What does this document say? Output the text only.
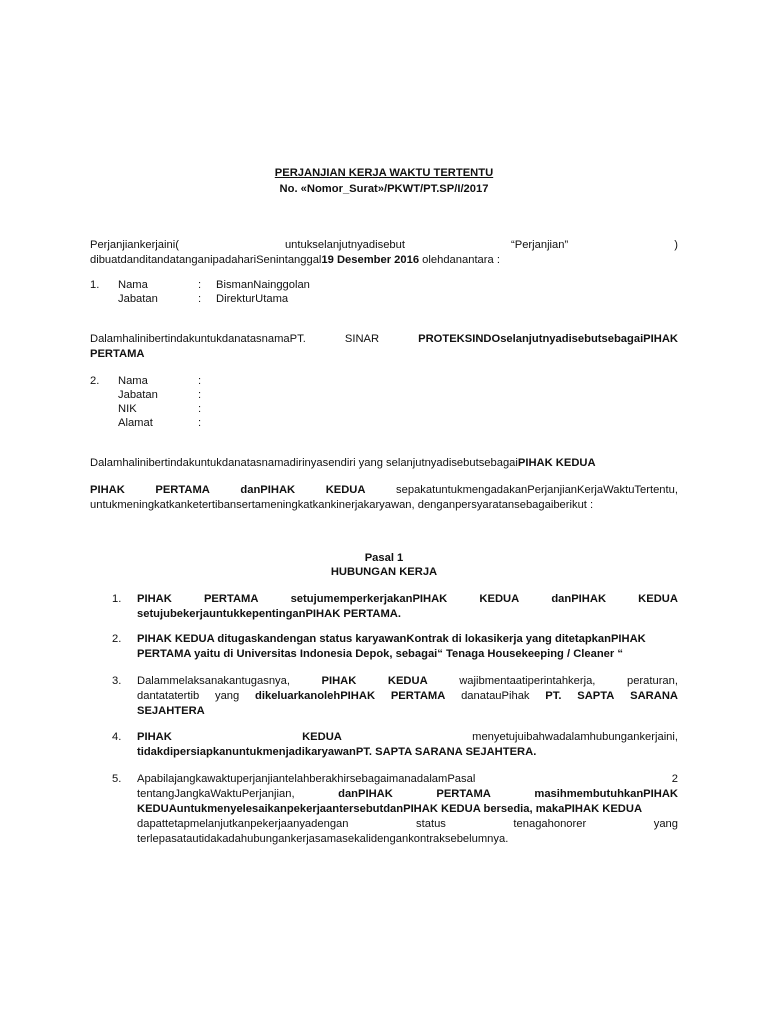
PERJANJIAN KERJA WAKTU TERTENTU
No. «Nomor_Surat»/PKWT/PT.SP/I/2017
Perjanjiankerjaini(	untukselanjutnyadisebut	“Perjanjian”	)
dibuatdanditandatanganipadahariSenintanggal19 Desember 2016 olehdanantara :
1. Nama	: BismanNainggolan
Jabatan	: DirekturUtama
DalamhalinibertindakuntukdanatasnamaPT.	SINAR	PROTEKSINDOselanjutnyadisebutsebagaiPIHAK
PERTAMA
2. Nama	:
Jabatan	:
NIK	:
Alamat	:
Dalamhalinibertindakuntukdanatasnamadirinyasendiri yang selanjutnyadisebutsebagaiPIHAK KEDUA
PIHAK	PERTAMA	danPIHAK	KEDUA	sepakatuntukmengadakanPerjanjianKerjaWaktuTertentu,
untukmeningkatkanketertibansertameningkatkankinerjakaryawan, denganpersyaratansebagaiberikut :
Pasal 1
HUBUNGAN KERJA
1.	PIHAK	PERTAMA	setujumemperkerjakanPIHAK	KEDUA	danPIHAK	KEDUA
setujubekerjauntukkepentinganPIHAK PERTAMA.
2.	PIHAK KEDUA ditugaskandengan status karyawanKontrak di lokasikerja yang ditetapkanPIHAK
PERTAMA yaitu di Universitas Indonesia Depok, sebagai“ Tenaga Housekeeping / Cleaner “
3.	Dalammelaksanakantugasnya,	PIHAK	KEDUA	wajibmentaatiperintahkerja,	peraturan,
dantatatertib yang dikeluarkanolehPIHAK PERTAMA danatauPihak PT. SAPTA SARANA
SEJAHTERA
4.	PIHAK	KEDUA	menyetujuibahwadalamhubungankerjaini,
tidakdipersiapkanuntukmenjadikaryawanPT. SAPTA SARANA SEJAHTERA.
5.	ApabilajangkawaktuperjanjiantelahberakhirsebagaimanadalamPasal	2
tentangJangkaWaktuPerjanjian,	danPIHAK	PERTAMA	masihmembutuhkanPIHAK
KEDUAuntukmenyelesaikanpekerjaantersebutdanPIHAK KEDUA bersedia, makaPIHAK KEDUA
dapattetapmelanjutkanpekerjaanyadengan	status	tenagahonorer	yang
terlepasatautidakadahubungankerjasamasekalidengankontraksebelumnya.
